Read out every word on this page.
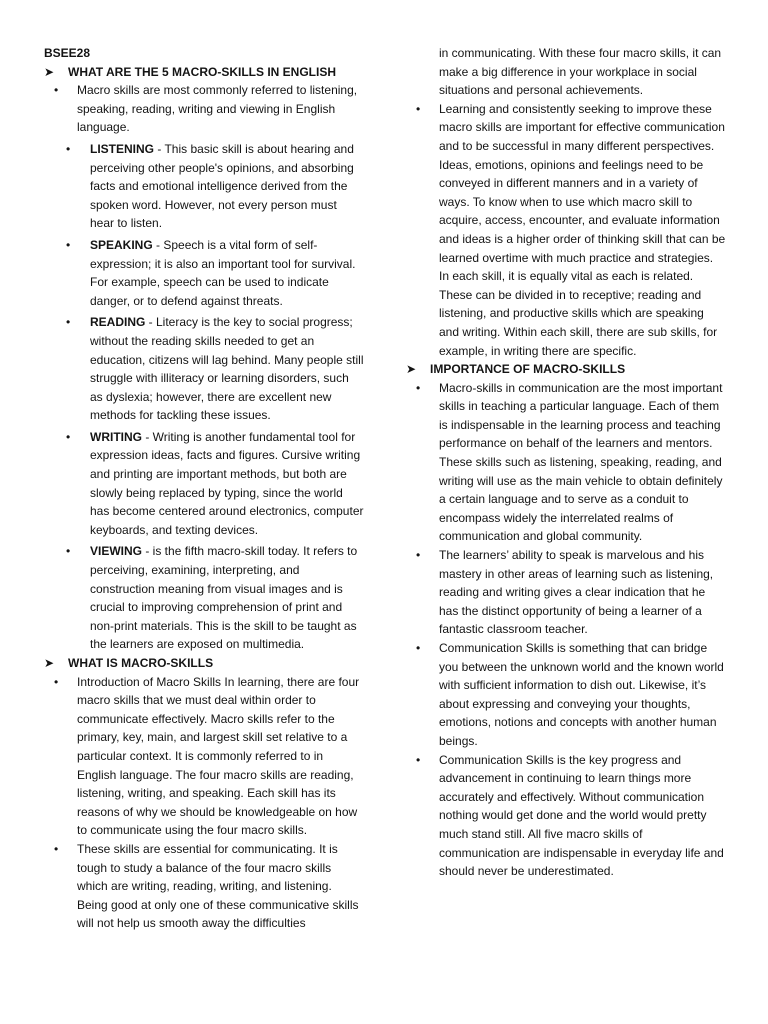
BSEE28
➤ WHAT ARE THE 5 MACRO-SKILLS IN ENGLISH
• Macro skills are most commonly referred to listening, speaking, reading, writing and viewing in English language.
• LISTENING - This basic skill is about hearing and perceiving other people's opinions, and absorbing facts and emotional intelligence derived from the spoken word. However, not every person must hear to listen.
• SPEAKING - Speech is a vital form of self-expression; it is also an important tool for survival. For example, speech can be used to indicate danger, or to defend against threats.
• READING - Literacy is the key to social progress; without the reading skills needed to get an education, citizens will lag behind. Many people still struggle with illiteracy or learning disorders, such as dyslexia; however, there are excellent new methods for tackling these issues.
• WRITING - Writing is another fundamental tool for expression ideas, facts and figures. Cursive writing and printing are important methods, but both are slowly being replaced by typing, since the world has become centered around electronics, computer keyboards, and texting devices.
• VIEWING - is the fifth macro-skill today. It refers to perceiving, examining, interpreting, and construction meaning from visual images and is crucial to improving comprehension of print and non-print materials. This is the skill to be taught as the learners are exposed on multimedia.
➤ WHAT IS MACRO-SKILLS
• Introduction of Macro Skills In learning, there are four macro skills that we must deal within order to communicate effectively. Macro skills refer to the primary, key, main, and largest skill set relative to a particular context. It is commonly referred to in English language. The four macro skills are reading, listening, writing, and speaking. Each skill has its reasons of why we should be knowledgeable on how to communicate using the four macro skills.
• These skills are essential for communicating. It is tough to study a balance of the four macro skills which are writing, reading, writing, and listening. Being good at only one of these communicative skills will not help us smooth away the difficulties
in communicating. With these four macro skills, it can make a big difference in your workplace in social situations and personal achievements.
• Learning and consistently seeking to improve these macro skills are important for effective communication and to be successful in many different perspectives. Ideas, emotions, opinions and feelings need to be conveyed in different manners and in a variety of ways. To know when to use which macro skill to acquire, access, encounter, and evaluate information and ideas is a higher order of thinking skill that can be learned overtime with much practice and strategies. In each skill, it is equally vital as each is related. These can be divided in to receptive; reading and listening, and productive skills which are speaking and writing. Within each skill, there are sub skills, for example, in writing there are specific.
➤ IMPORTANCE OF MACRO-SKILLS
• Macro-skills in communication are the most important skills in teaching a particular language. Each of them is indispensable in the learning process and teaching performance on behalf of the learners and mentors. These skills such as listening, speaking, reading, and writing will use as the main vehicle to obtain definitely a certain language and to serve as a conduit to encompass widely the interrelated realms of communication and global community.
• The learners’ ability to speak is marvelous and his mastery in other areas of learning such as listening, reading and writing gives a clear indication that he has the distinct opportunity of being a learner of a fantastic classroom teacher.
• Communication Skills is something that can bridge you between the unknown world and the known world with sufficient information to dish out. Likewise, it’s about expressing and conveying your thoughts, emotions, notions and concepts with another human beings.
• Communication Skills is the key progress and advancement in continuing to learn things more accurately and effectively. Without communication nothing would get done and the world would pretty much stand still. All five macro skills of communication are indispensable in everyday life and should never be underestimated.
